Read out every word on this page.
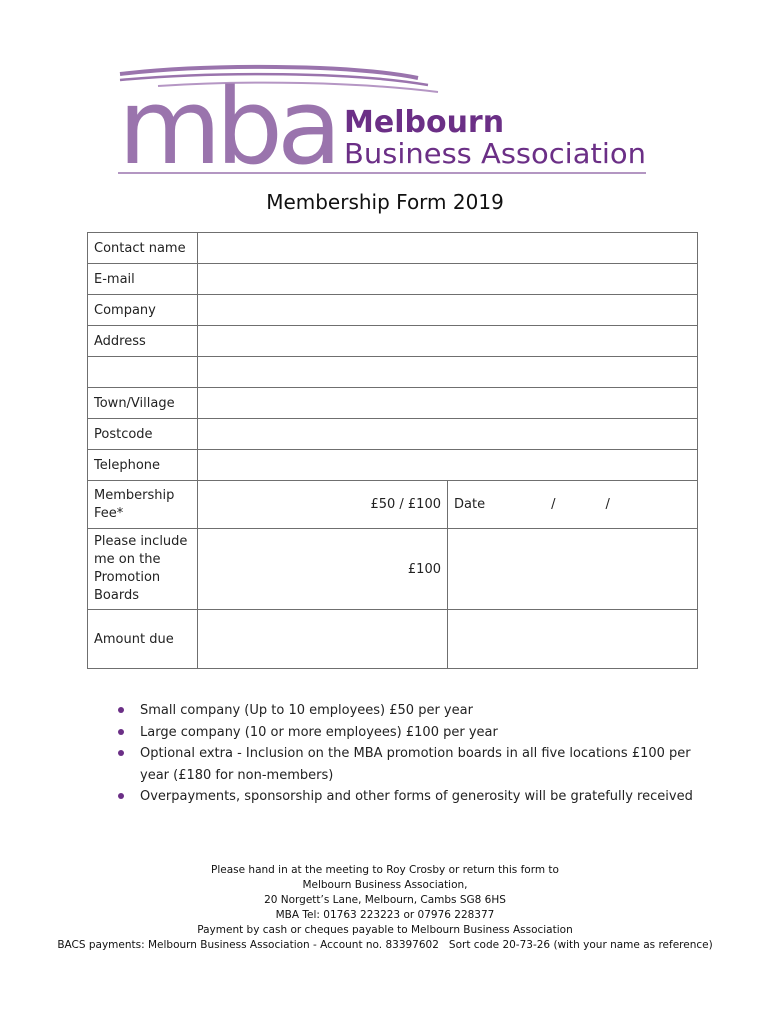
mba Melbourn
Business Association
Membership Form 2019
Contact name		
E-mail		
Company		
Address		

Town/Village		
Postcode		
Telephone		
Membership Fee*	£50 / £100	Date / /

Please include me on the Promotion Boards	£100	
Amount due		
Small company (Up to 10 employees) £50 per year
Large company (10 or more employees) £100 per year
Optional extra - Inclusion on the MBA promotion boards in all five locations £100 per year (£180 for non-members)
Overpayments, sponsorship and other forms of generosity will be gratefully received
Please hand in at the meeting to Roy Crosby or return this form to
Melbourn Business Association,
20 Norgett’s Lane, Melbourn, Cambs SG8 6HS
MBA Tel: 01763 223223 or 07976 228377
Payment by cash or cheques payable to Melbourn Business Association
BACS payments: Melbourn Business Association - Account no. 83397602   Sort code 20-73-26 (with your name as reference)
